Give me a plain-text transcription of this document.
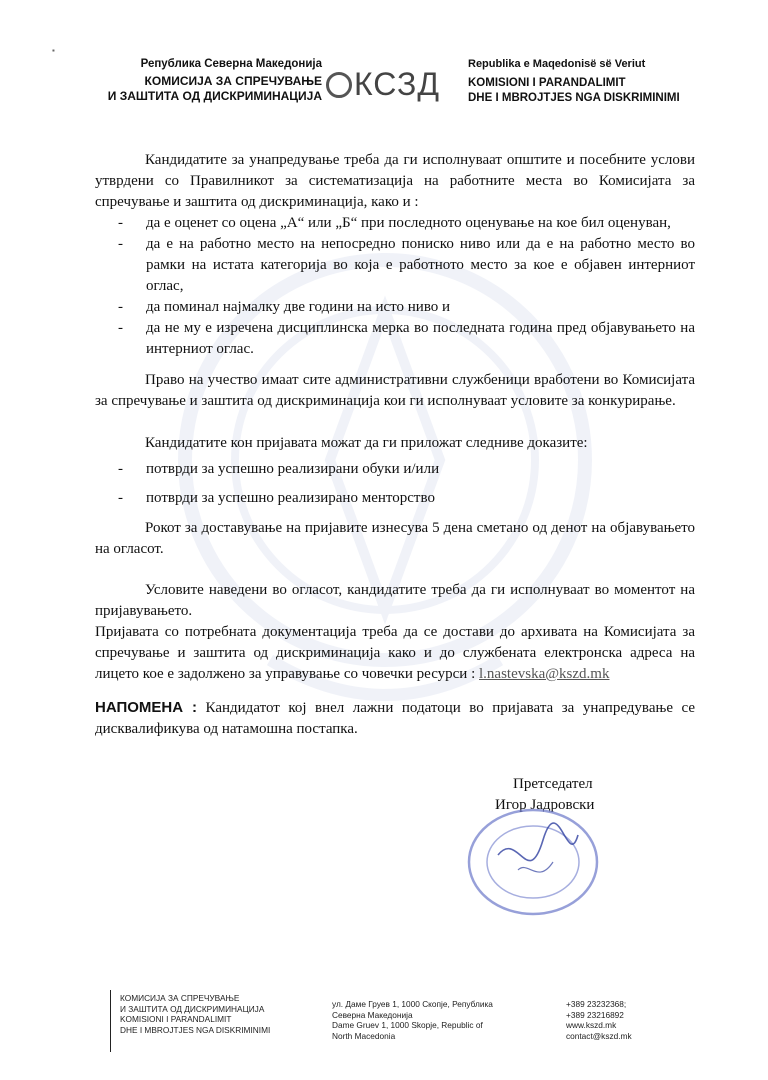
▪
Република Северна Македонија
КОМИСИЈА ЗА СПРЕЧУВАЊЕ
И ЗАШТИТА ОД ДИСКРИМИНАЦИЈА	КСЗД
Republika e Maqedonisë së Veriut
KOMISIONI I PARANDALIMIT
DHE I MBROJTJES NGA DISKRIMINIMI
Кандидатите за унапредување треба да ги исполнуваат општите и посебните услови утврдени со Правилникот за систематизација на работните места во Комисијата за спречување и заштита од дискриминација, како и :
- да е оценет со оцена „А“ или „Б“ при последното оценување на кое бил оценуван,
- да е на работно место на непосредно пониско ниво или да е на работно место во рамки на истата категорија во која е работното место за кое е објавен интерниот оглас,
- да поминал најмалку две години на исто ниво и
- да не му е изречена дисциплинска мерка во последната година пред објавувањето на интерниот оглас.
Право на учество имаат сите административни службеници вработени во Комисијата за спречување и заштита од дискриминација кои ги исполнуваат условите за конкурирање.
Кандидатите кон пријавата можат да ги приложат следниве доказите:
- потврди за успешно реализирани обуки и/или
- потврди за успешно реализирано менторство
Рокот за доставување на пријавите изнесува 5 дена сметано од денот на објавувањето на огласот.
Условите наведени во огласот, кандидатите треба да ги исполнуваат во моментот на пријавувањето.
Пријавата со потребната документација треба да се достави до архивата на Комисијата за спречување и заштита од дискриминација како и до службената електронска адреса на лицето кое е задолжено за управување со човечки ресурси : l.nastevska@kszd.mk
НАПОМЕНА : Кандидатот кој внел лажни податоци во пријавата за унапредување се дисквалификува од натамошна постапка.
Претседател
Игор Јадровски
КОМИСИЈА ЗА СПРЕЧУВАЊЕ
И ЗАШТИТА ОД ДИСКРИМИНАЦИЈА
KOMISIONI I PARANDALIMIT
DHE I MBROJTJES NGA DISKRIMINIMI
ул. Даме Груев 1, 1000 Скопје, Република
Северна Македонија
Dame Gruev 1, 1000 Skopje, Republic of
North Macedonia
+389 23232368;
+389 23216892
www.kszd.mk
contact@kszd.mk
